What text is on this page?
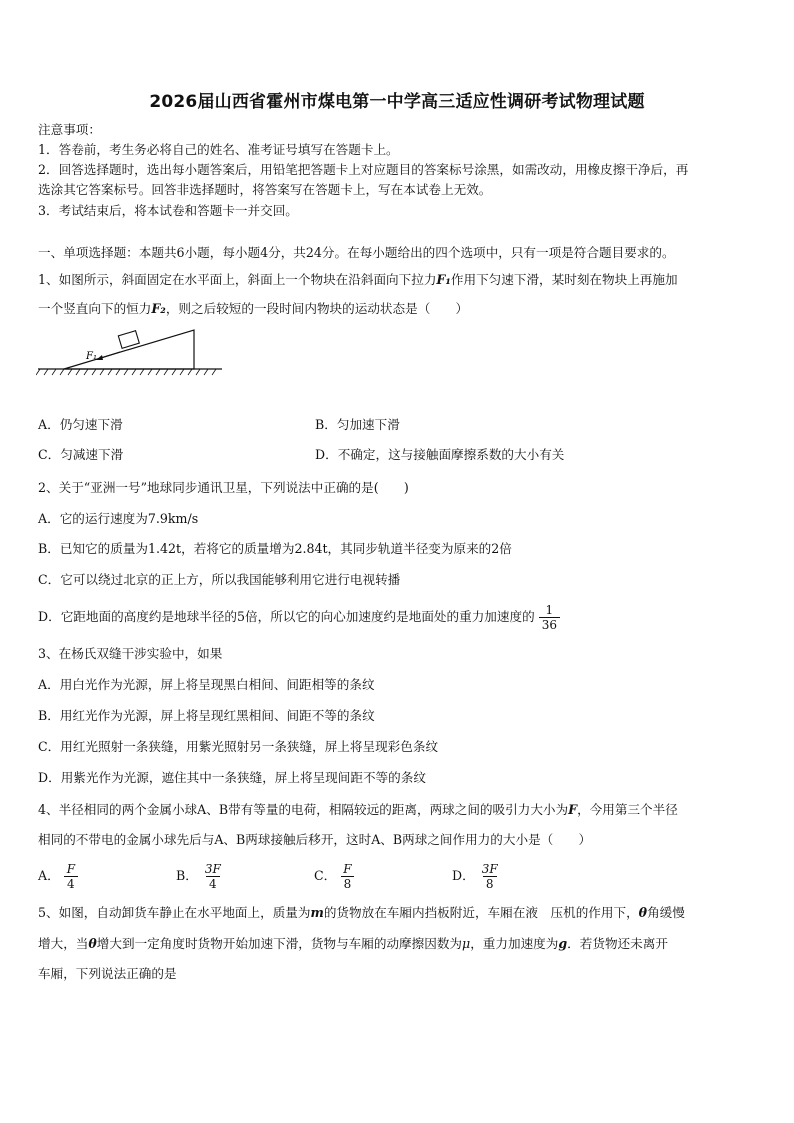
2026届山西省霍州市煤电第一中学高三适应性调研考试物理试题
注意事项：
1．答卷前，考生务必将自己的姓名、准考证号填写在答题卡上。
2．回答选择题时，选出每小题答案后，用铅笔把答题卡上对应题目的答案标号涂黑，如需改动，用橡皮擦干净后，再
选涂其它答案标号。回答非选择题时，将答案写在答题卡上，写在本试卷上无效。
3．考试结束后，将本试卷和答题卡一并交回。
一、单项选择题：本题共6小题，每小题4分，共24分。在每小题给出的四个选项中，只有一项是符合题目要求的。
1、如图所示，斜面固定在水平面上，斜面上一个物块在沿斜面向下拉力F₁作用下匀速下滑，某时刻在物块上再施加
一个竖直向下的恒力F₂，则之后较短的一段时间内物块的运动状态是（　　）
F₁
A．仍匀速下滑	B．匀加速下滑
C．匀减速下滑	D．不确定，这与接触面摩擦系数的大小有关
2、关于“亚洲一号”地球同步通讯卫星，下列说法中正确的是(　　)
A．它的运行速度为7.9km/s
B．已知它的质量为1.42t，若将它的质量增为2.84t，其同步轨道半径变为原来的2倍
C．它可以绕过北京的正上方，所以我国能够利用它进行电视转播
D．它距地面的高度约是地球半径的5倍，所以它的向心加速度约是地面处的重力加速度的 $\frac{1}{36}$
3、在杨氏双缝干涉实验中，如果
A．用白光作为光源，屏上将呈现黑白相间、间距相等的条纹
B．用红光作为光源，屏上将呈现红黑相间、间距不等的条纹
C．用红光照射一条狭缝，用紫光照射另一条狭缝，屏上将呈现彩色条纹
D．用紫光作为光源，遮住其中一条狭缝，屏上将呈现间距不等的条纹
4、半径相同的两个金属小球A、B带有等量的电荷，相隔较远的距离，两球之间的吸引力大小为F，今用第三个半径
相同的不带电的金属小球先后与A、B两球接触后移开，这时A、B两球之间作用力的大小是（　　）
A． $\frac{F}{4}$	B． $\frac{3F}{4}$	C． $\frac{F}{8}$	D． $\frac{3F}{8}$
5、如图，自动卸货车静止在水平地面上，质量为m的货物放在车厢内挡板附近，车厢在液　压机的作用下，θ角缓慢
增大，当θ增大到一定角度时货物开始加速下滑，货物与车厢的动摩擦因数为μ，重力加速度为g．若货物还未离开
车厢，下列说法正确的是
